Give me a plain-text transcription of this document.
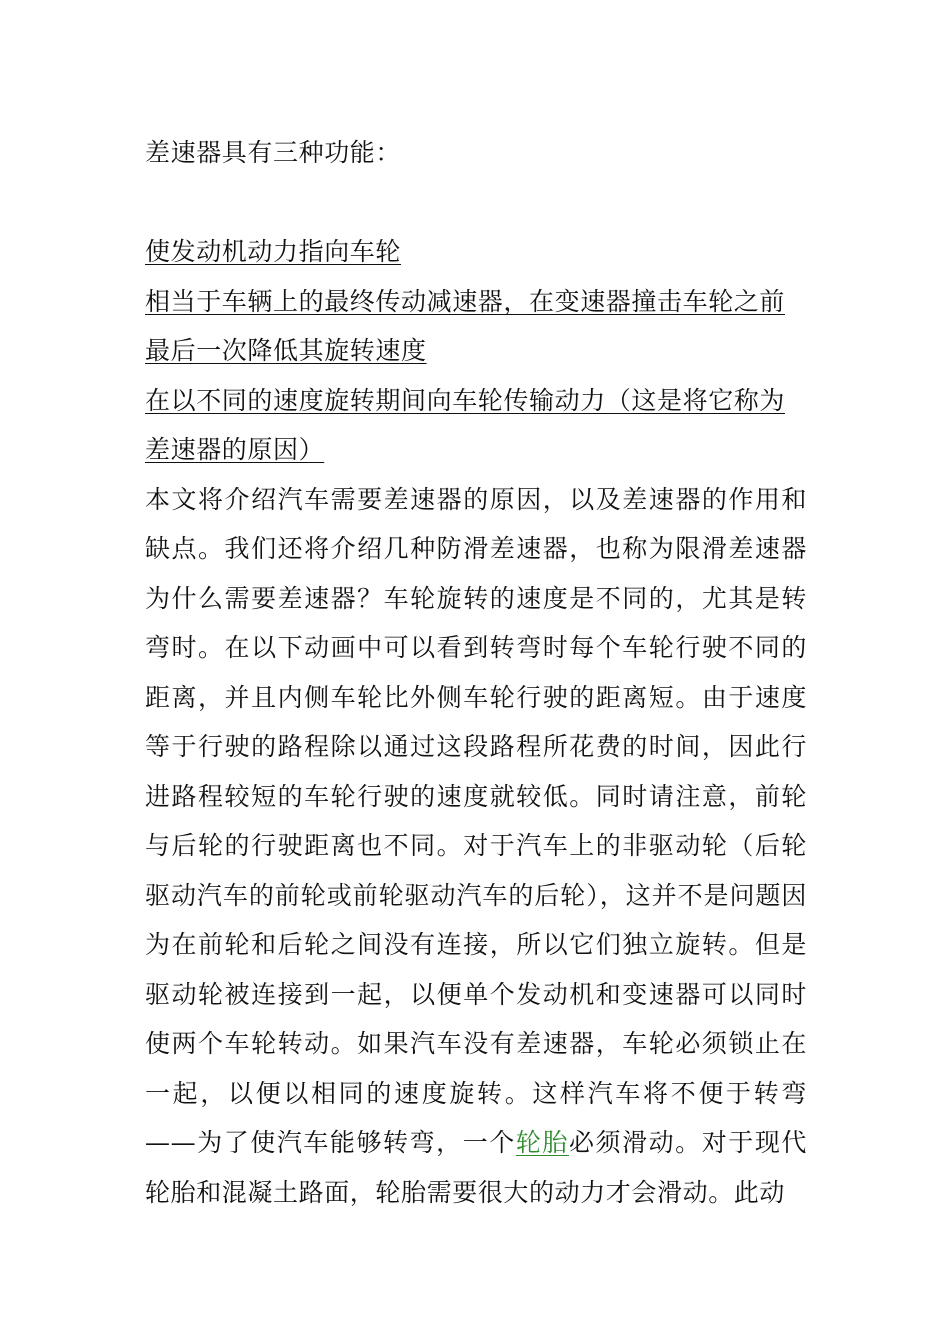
差速器具有三种功能：

使发动机动力指向车轮
相当于车辆上的最终传动减速器，在变速器撞击车轮之前最后一次降低其旋转速度
在以不同的速度旋转期间向车轮传输动力（这是将它称为差速器的原因）

本文将介绍汽车需要差速器的原因，以及差速器的作用和缺点。我们还将介绍几种防滑差速器，也称为限滑差速器为什么需要差速器？车轮旋转的速度是不同的，尤其是转弯时。在以下动画中可以看到转弯时每个车轮行驶不同的距离，并且内侧车轮比外侧车轮行驶的距离短。由于速度等于行驶的路程除以通过这段路程所花费的时间，因此行进路程较短的车轮行驶的速度就较低。同时请注意，前轮与后轮的行驶距离也不同。对于汽车上的非驱动轮（后轮驱动汽车的前轮或前轮驱动汽车的后轮），这并不是问题因为在前轮和后轮之间没有连接，所以它们独立旋转。但是驱动轮被连接到一起，以便单个发动机和变速器可以同时使两个车轮转动。如果汽车没有差速器，车轮必须锁止在一起，以便以相同的速度旋转。这样汽车将不便于转弯——为了使汽车能够转弯，一个轮胎必须滑动。对于现代轮胎和混凝土路面，轮胎需要很大的动力才会滑动。此动
